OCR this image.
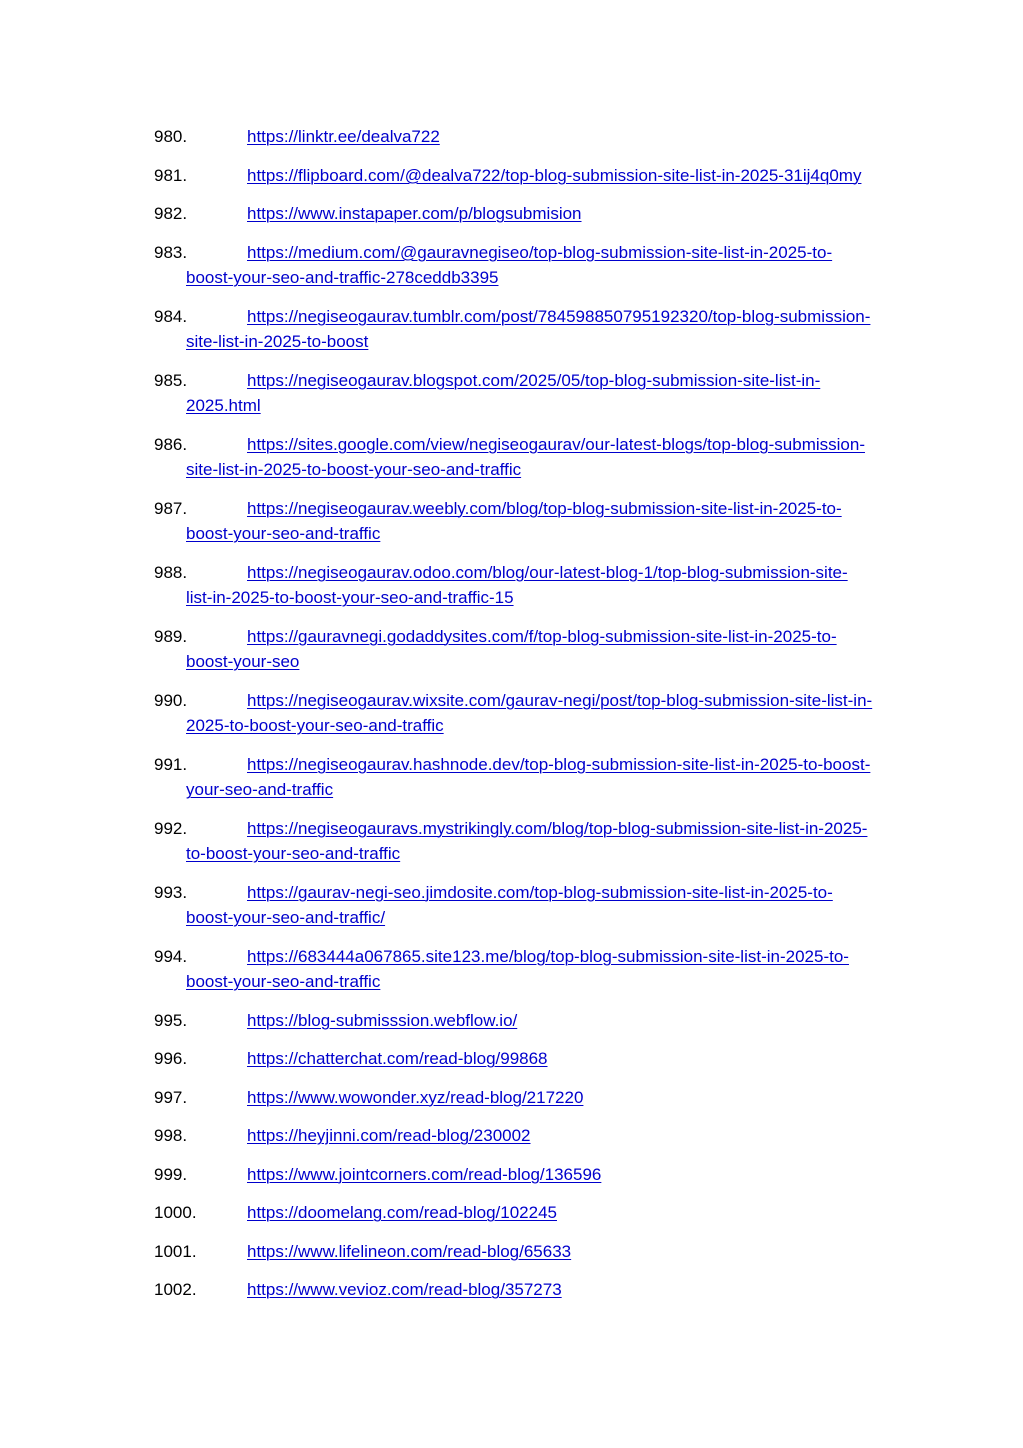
980.	https://linktr.ee/dealva722
981.	https://flipboard.com/@dealva722/top-blog-submission-site-list-in-2025-31ij4q0my
982.	https://www.instapaper.com/p/blogsubmision
983.	https://medium.com/@gauravnegiseo/top-blog-submission-site-list-in-2025-to-
boost-your-seo-and-traffic-278ceddb3395
984.	https://negiseogaurav.tumblr.com/post/784598850795192320/top-blog-submission-
site-list-in-2025-to-boost
985.	https://negiseogaurav.blogspot.com/2025/05/top-blog-submission-site-list-in-
2025.html
986.	https://sites.google.com/view/negiseogaurav/our-latest-blogs/top-blog-submission-
site-list-in-2025-to-boost-your-seo-and-traffic
987.	https://negiseogaurav.weebly.com/blog/top-blog-submission-site-list-in-2025-to-
boost-your-seo-and-traffic
988.	https://negiseogaurav.odoo.com/blog/our-latest-blog-1/top-blog-submission-site-
list-in-2025-to-boost-your-seo-and-traffic-15
989.	https://gauravnegi.godaddysites.com/f/top-blog-submission-site-list-in-2025-to-
boost-your-seo
990.	https://negiseogaurav.wixsite.com/gaurav-negi/post/top-blog-submission-site-list-in-
2025-to-boost-your-seo-and-traffic
991.	https://negiseogaurav.hashnode.dev/top-blog-submission-site-list-in-2025-to-boost-
your-seo-and-traffic
992.	https://negiseogauravs.mystrikingly.com/blog/top-blog-submission-site-list-in-2025-
to-boost-your-seo-and-traffic
993.	https://gaurav-negi-seo.jimdosite.com/top-blog-submission-site-list-in-2025-to-
boost-your-seo-and-traffic/
994.	https://683444a067865.site123.me/blog/top-blog-submission-site-list-in-2025-to-
boost-your-seo-and-traffic
995.	https://blog-submisssion.webflow.io/
996.	https://chatterchat.com/read-blog/99868
997.	https://www.wowonder.xyz/read-blog/217220
998.	https://heyjinni.com/read-blog/230002
999.	https://www.jointcorners.com/read-blog/136596
1000.	https://doomelang.com/read-blog/102245
1001.	https://www.lifelineon.com/read-blog/65633
1002.	https://www.vevioz.com/read-blog/357273
